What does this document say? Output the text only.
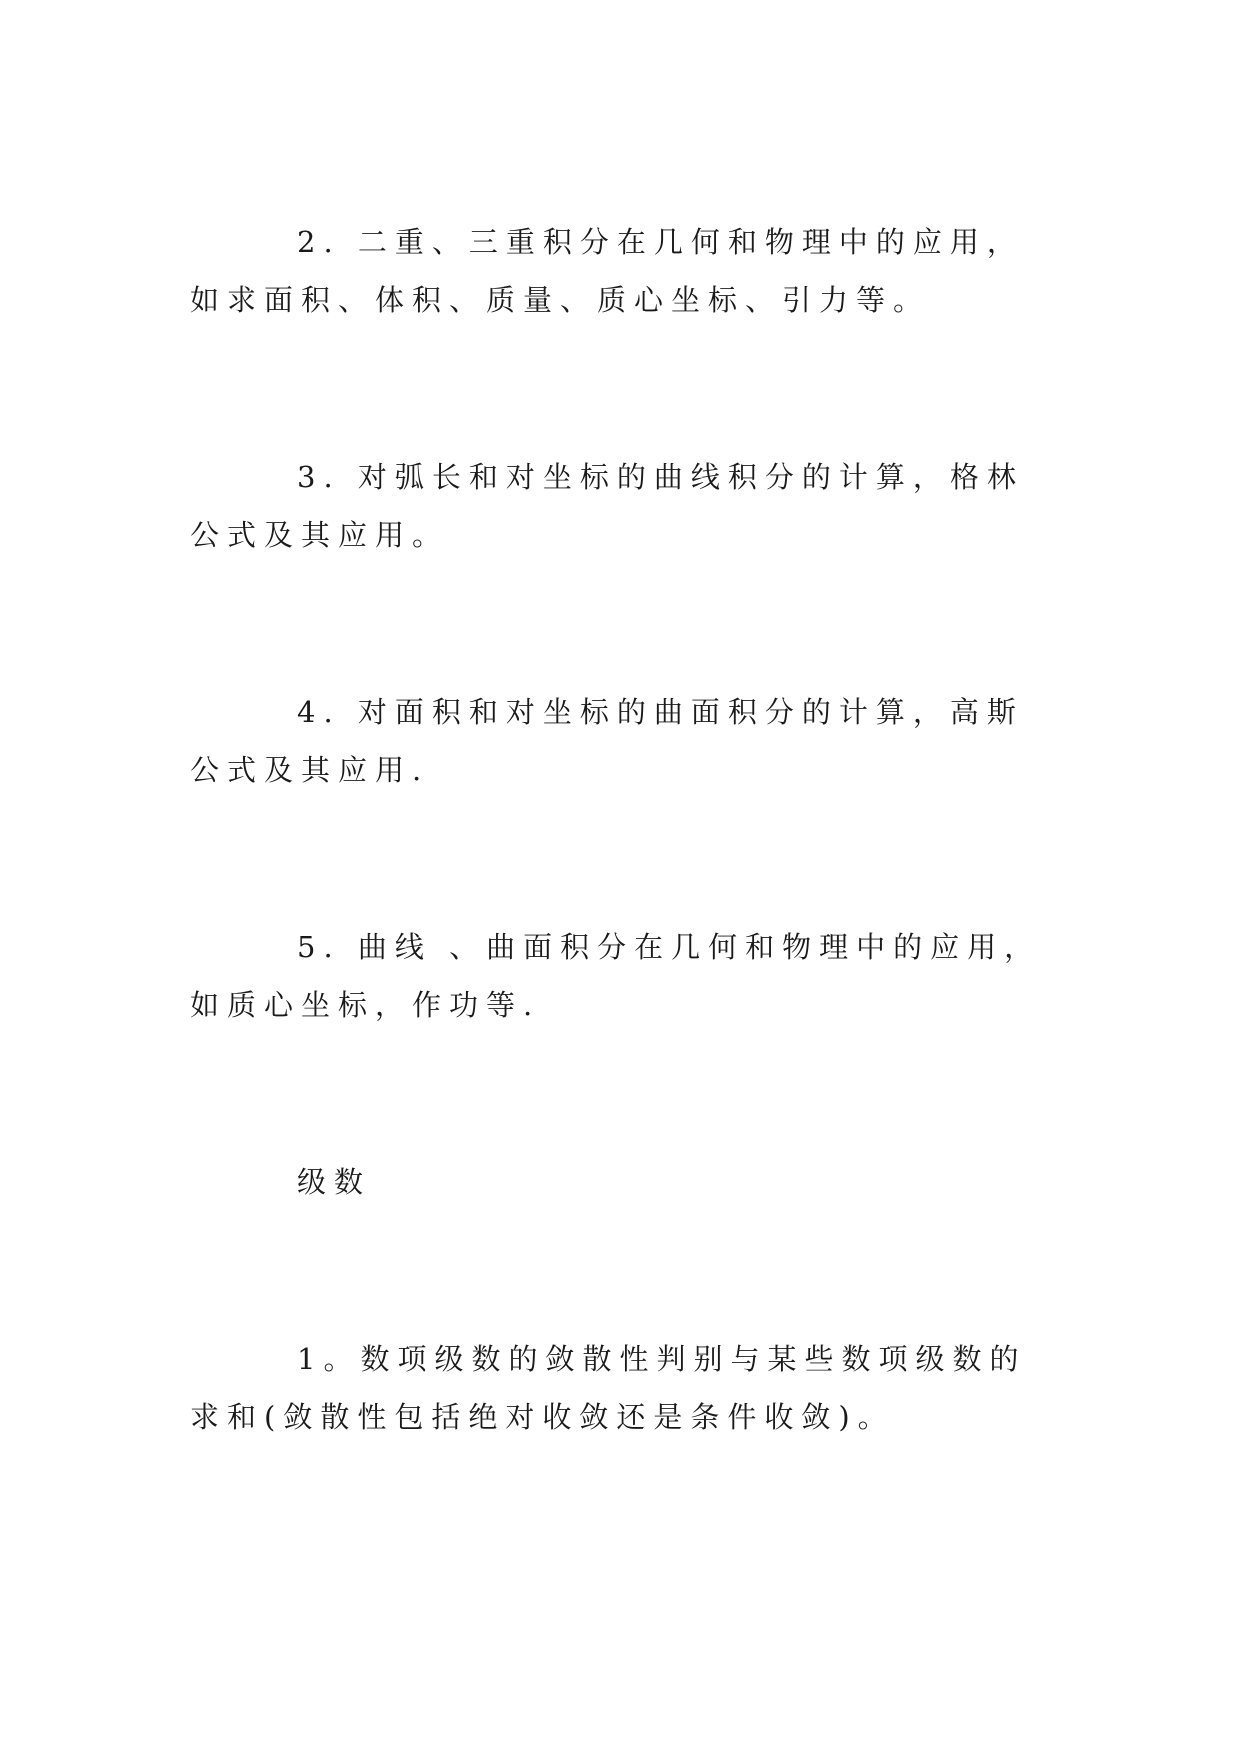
2. 二重、三重积分在几何和物理中的应用，如求面积、体积、质量、质心坐标、引力等。

3. 对弧长和对坐标的曲线积分的计算，格林公式及其应用。

4. 对面积和对坐标的曲面积分的计算，高斯公式及其应用.

5. 曲线 、曲面积分在几何和物理中的应用，如质心坐标，作功等.

级数

1。数项级数的敛散性判别与某些数项级数的求和(敛散性包括绝对收敛还是条件收敛)。
